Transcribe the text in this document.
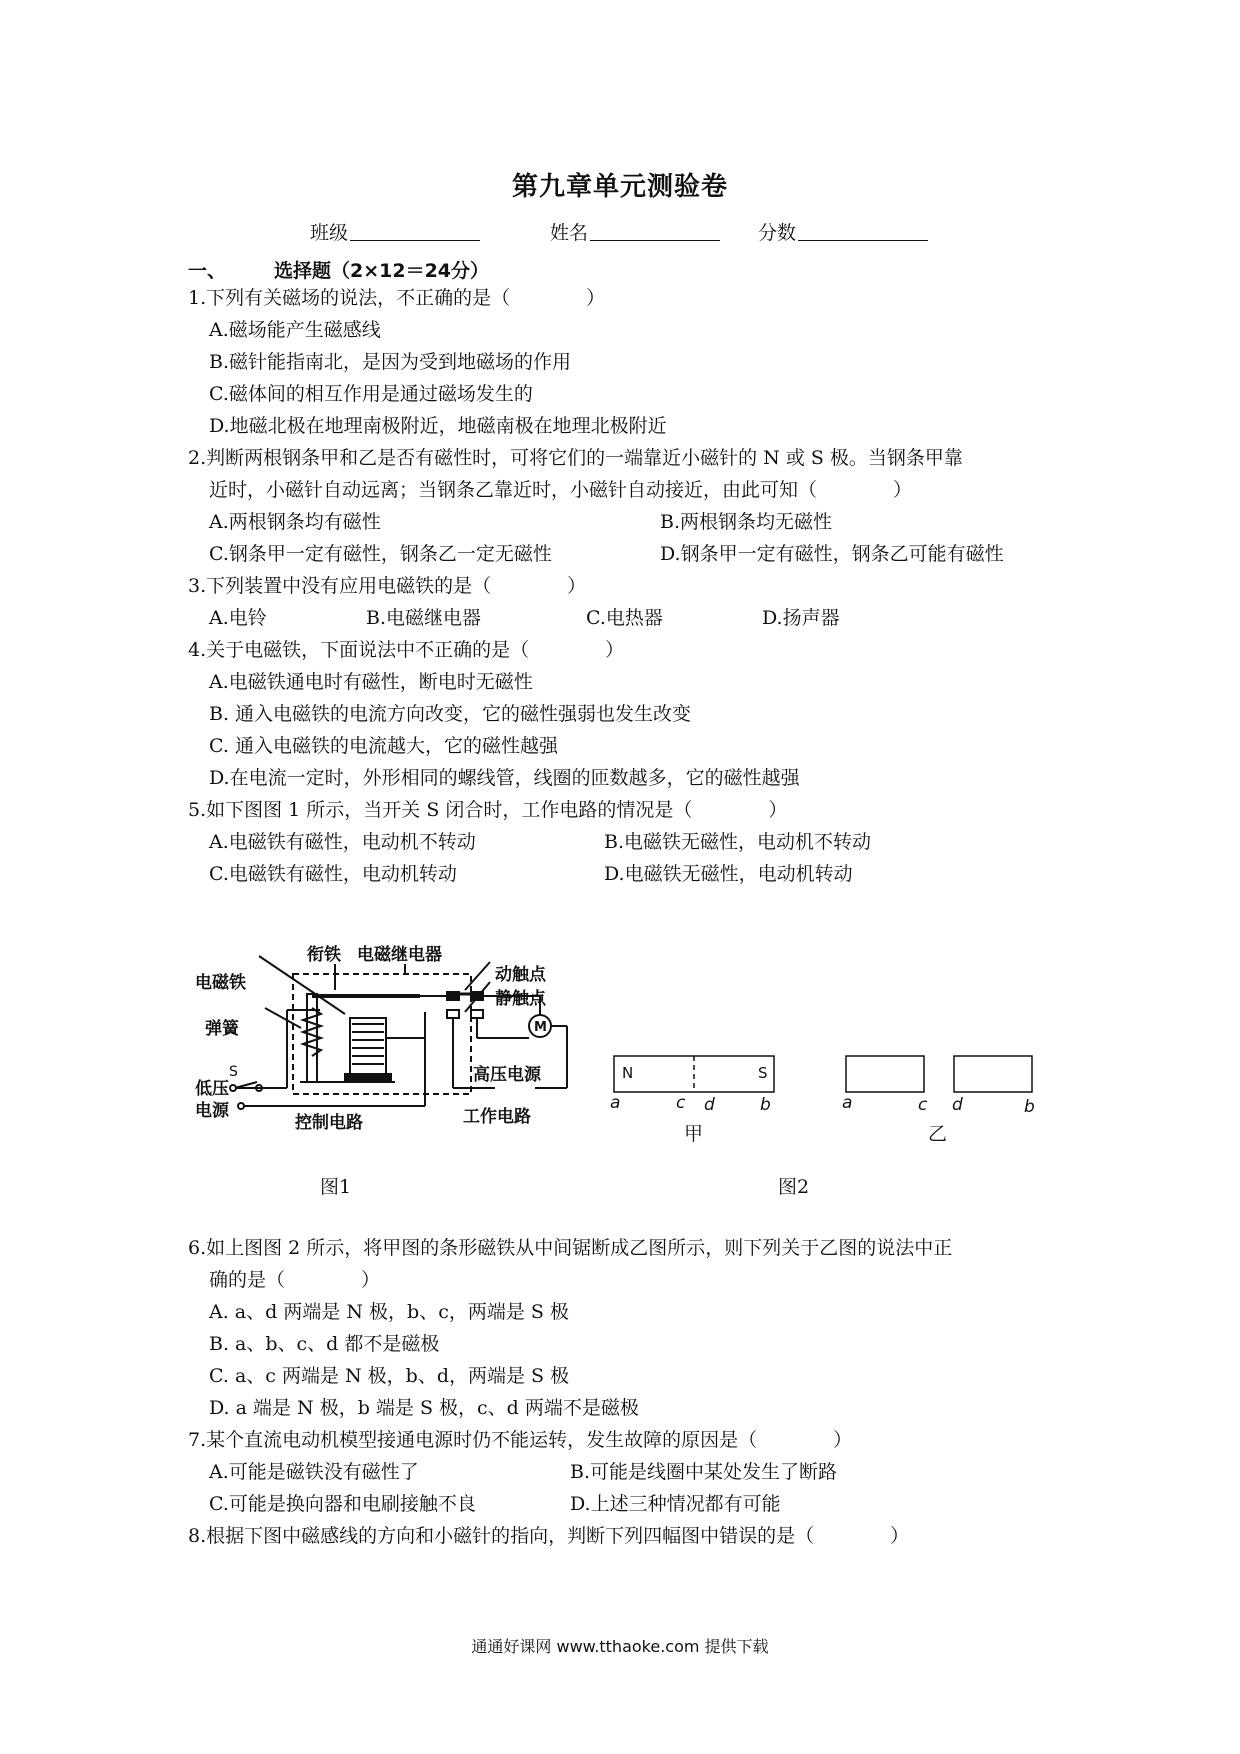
第九章单元测验卷
班级	姓名	分数
一、	选择题（2×12＝24分）
1.下列有关磁场的说法，不正确的是（　　　　）
A.磁场能产生磁感线
B.磁针能指南北，是因为受到地磁场的作用
C.磁体间的相互作用是通过磁场发生的
D.地磁北极在地理南极附近，地磁南极在地理北极附近
2.判断两根钢条甲和乙是否有磁性时，可将它们的一端靠近小磁针的 N 或 S 极。当钢条甲靠
近时，小磁针自动远离；当钢条乙靠近时，小磁针自动接近，由此可知（　　　　）
A.两根钢条均有磁性	B.两根钢条均无磁性
C.钢条甲一定有磁性，钢条乙一定无磁性	D.钢条甲一定有磁性，钢条乙可能有磁性
3.下列装置中没有应用电磁铁的是（　　　　）
A.电铃	B.电磁继电器	C.电热器	D.扬声器
4.关于电磁铁，下面说法中不正确的是（　　　　）
A.电磁铁通电时有磁性，断电时无磁性
B. 通入电磁铁的电流方向改变，它的磁性强弱也发生改变
C. 通入电磁铁的电流越大，它的磁性越强
D.在电流一定时，外形相同的螺线管，线圈的匝数越多，它的磁性越强
5.如下图图 1 所示，当开关 S 闭合时，工作电路的情况是（　　　　）
A.电磁铁有磁性，电动机不转动	B.电磁铁无磁性，电动机不转动
C.电磁铁有磁性，电动机转动	D.电磁铁无磁性，电动机转动
衔铁 电磁继电器
电磁铁	动触点
静触点
弹簧	M
S
低压
电源
高压电源
控制电路	工作电路
图1
N	S
a	c d	b	a	c d	b
甲	乙
图2
6.如上图图 2 所示，将甲图的条形磁铁从中间锯断成乙图所示，则下列关于乙图的说法中正
确的是（　　　　）
A. a、d 两端是 N 极，b、c，两端是 S 极
B. a、b、c、d 都不是磁极
C. a、c 两端是 N 极，b、d，两端是 S 极
D. a 端是 N 极，b 端是 S 极，c、d 两端不是磁极
7.某个直流电动机模型接通电源时仍不能运转，发生故障的原因是（　　　　）
A.可能是磁铁没有磁性了	B.可能是线圈中某处发生了断路
C.可能是换向器和电刷接触不良	D.上述三种情况都有可能
8.根据下图中磁感线的方向和小磁针的指向，判断下列四幅图中错误的是（　　　　）
通通好课网 www.tthaoke.com 提供下载
